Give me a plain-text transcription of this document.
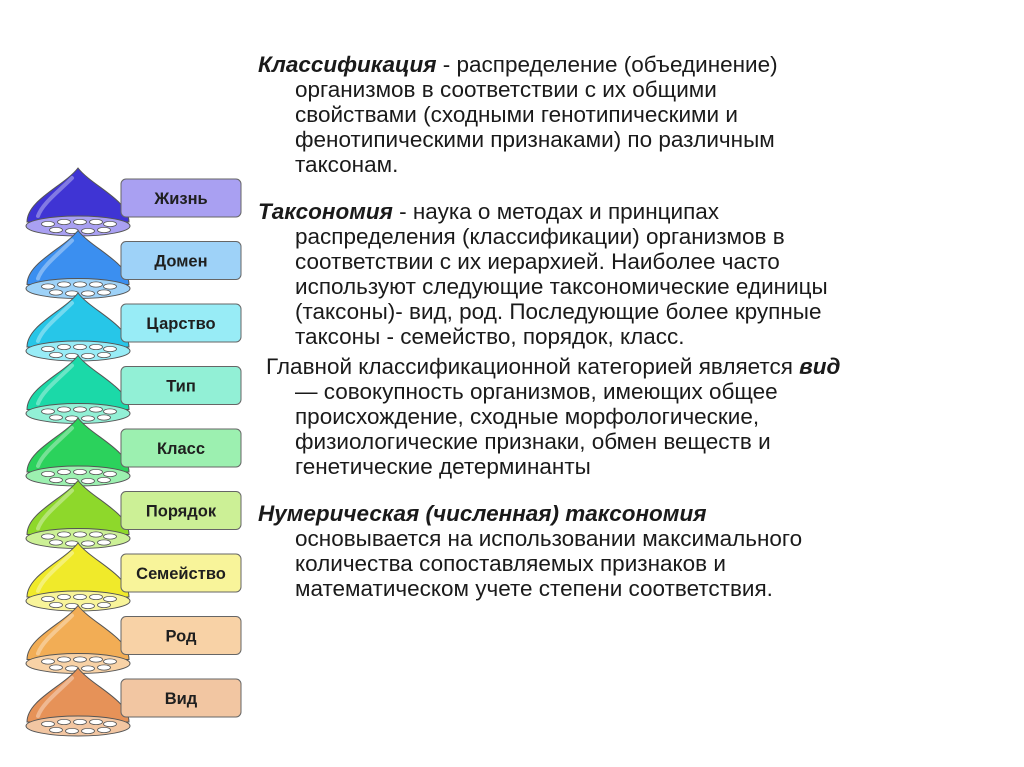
Жизнь
Домен
Царство
Тип
Класс
Порядок
Семейство
Род
Вид

Классификация - распределение (объединение)
организмов в соответствии с их общими
свойствами (сходными генотипическими и
фенотипическими признаками) по различным
таксонам.

Таксономия - наука о методах и принципах
распределения (классификации) организмов в
соответствии с их иерархией. Наиболее часто
используют следующие таксономические единицы
(таксоны)- вид, род. Последующие более крупные
таксоны - семейство, порядок, класс.

Главной классификационной категорией является вид
— совокупность организмов, имеющих общее
происхождение, сходные морфологические,
физиологические признаки, обмен веществ и
генетические детерминанты

Нумерическая (численная) таксономия
основывается на использовании максимального
количества сопоставляемых признаков и
математическом учете степени соответствия.
